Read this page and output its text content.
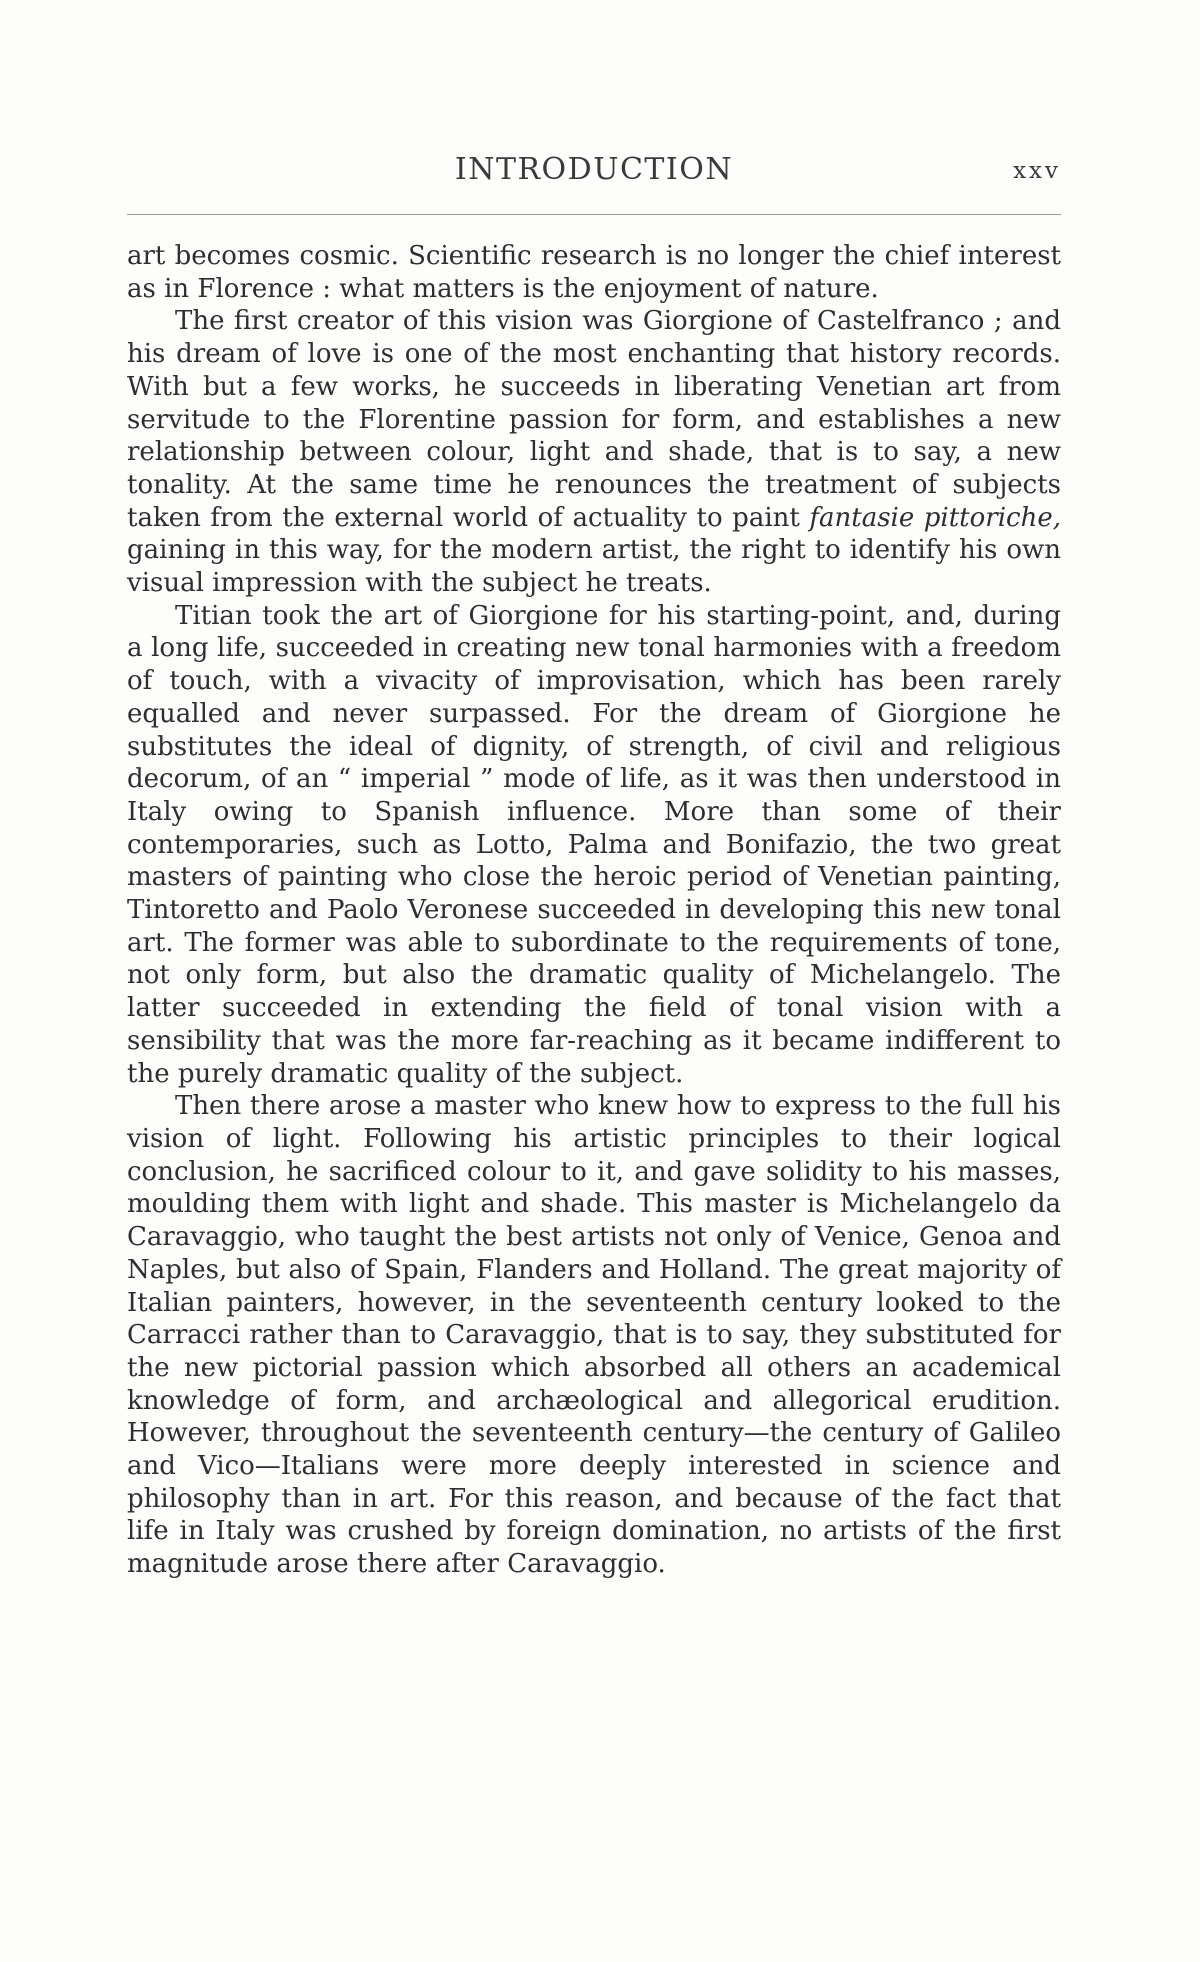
INTRODUCTION	xxv

art becomes cosmic. Scientific research is no longer the chief interest as in Florence : what matters is the enjoyment of nature.

The first creator of this vision was Giorgione of Castelfranco ; and his dream of love is one of the most enchanting that history records. With but a few works, he succeeds in liberating Venetian art from servitude to the Florentine passion for form, and establishes a new relationship between colour, light and shade, that is to say, a new tonality. At the same time he renounces the treatment of subjects taken from the external world of actuality to paint fantasie pittoriche, gaining in this way, for the modern artist, the right to identify his own visual impression with the subject he treats.

Titian took the art of Giorgione for his starting-point, and, during a long life, succeeded in creating new tonal harmonies with a freedom of touch, with a vivacity of improvisation, which has been rarely equalled and never surpassed. For the dream of Giorgione he substitutes the ideal of dignity, of strength, of civil and religious decorum, of an “ imperial ” mode of life, as it was then understood in Italy owing to Spanish influence. More than some of their contemporaries, such as Lotto, Palma and Bonifazio, the two great masters of painting who close the heroic period of Venetian painting, Tintoretto and Paolo Veronese succeeded in developing this new tonal art. The former was able to subordinate to the requirements of tone, not only form, but also the dramatic quality of Michelangelo. The latter succeeded in extending the field of tonal vision with a sensibility that was the more far-reaching as it became indifferent to the purely dramatic quality of the subject.

Then there arose a master who knew how to express to the full his vision of light. Following his artistic principles to their logical conclusion, he sacrificed colour to it, and gave solidity to his masses, moulding them with light and shade. This master is Michelangelo da Caravaggio, who taught the best artists not only of Venice, Genoa and Naples, but also of Spain, Flanders and Holland. The great majority of Italian painters, however, in the seventeenth century looked to the Carracci rather than to Caravaggio, that is to say, they substituted for the new pictorial passion which absorbed all others an academical knowledge of form, and archæological and allegorical erudition. However, throughout the seventeenth century—the century of Galileo and Vico—Italians were more deeply interested in science and philosophy than in art. For this reason, and because of the fact that life in Italy was crushed by foreign domination, no artists of the first magnitude arose there after Caravaggio.
